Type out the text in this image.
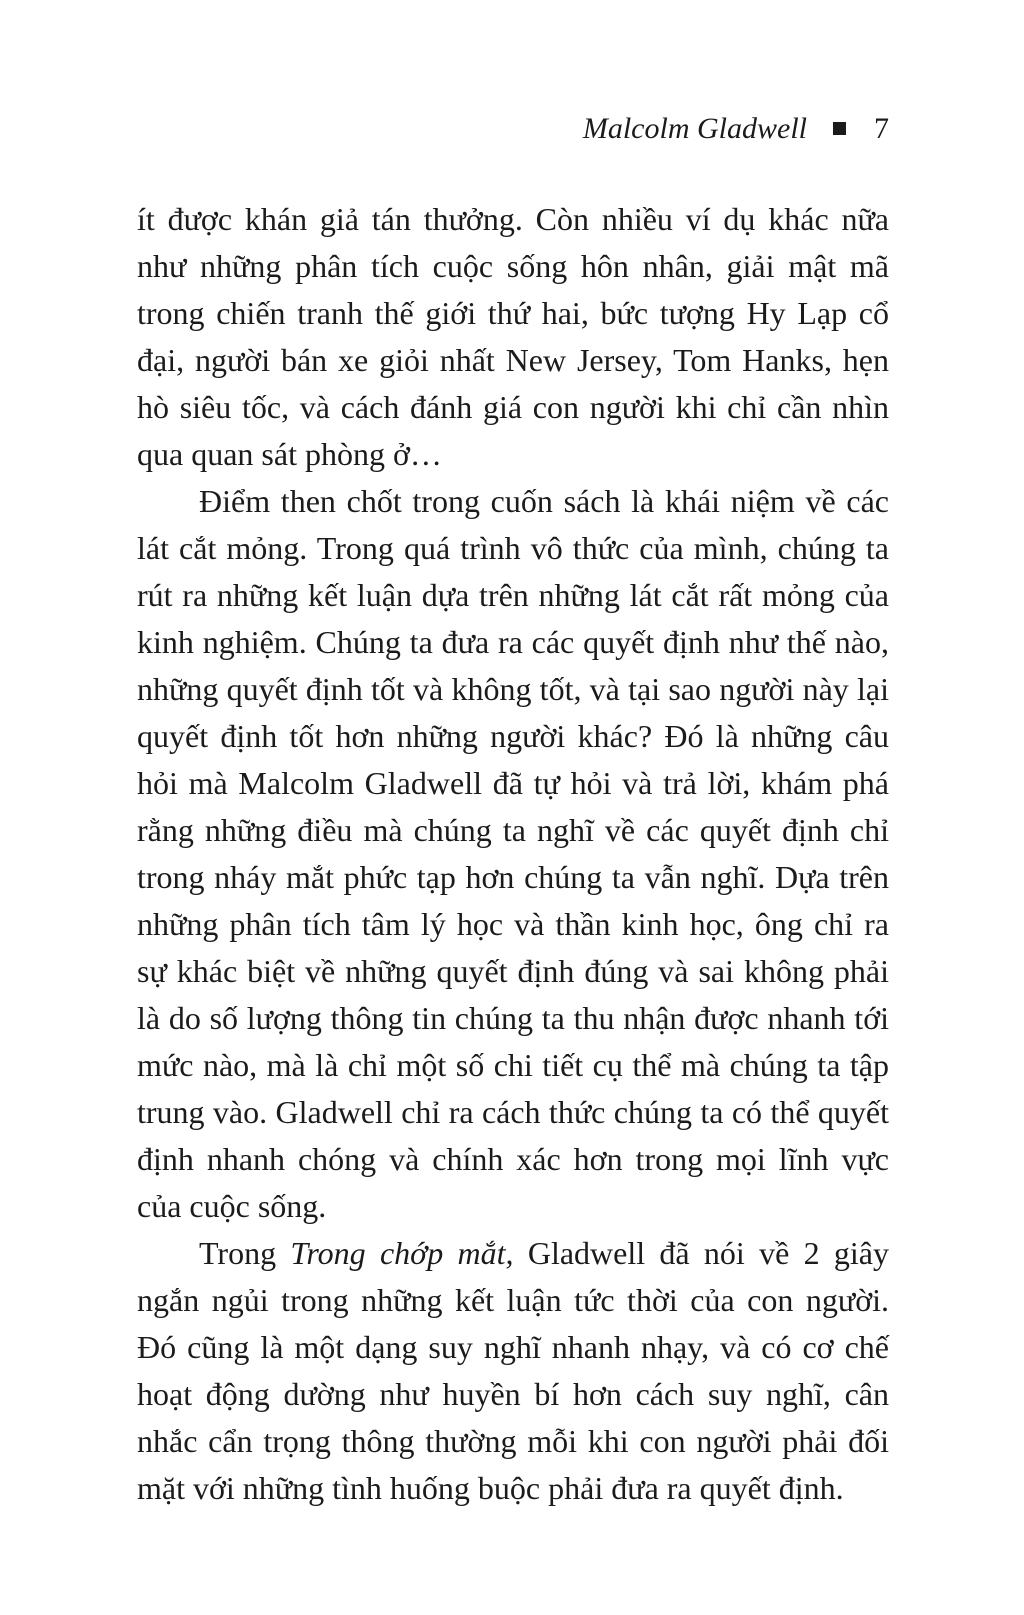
Malcolm Gladwell 7

ít được khán giả tán thưởng. Còn nhiều ví dụ khác nữa như những phân tích cuộc sống hôn nhân, giải mật mã trong chiến tranh thế giới thứ hai, bức tượng Hy Lạp cổ đại, người bán xe giỏi nhất New Jersey, Tom Hanks, hẹn hò siêu tốc, và cách đánh giá con người khi chỉ cần nhìn qua quan sát phòng ở…

Điểm then chốt trong cuốn sách là khái niệm về các lát cắt mỏng. Trong quá trình vô thức của mình, chúng ta rút ra những kết luận dựa trên những lát cắt rất mỏng của kinh nghiệm. Chúng ta đưa ra các quyết định như thế nào, những quyết định tốt và không tốt, và tại sao người này lại quyết định tốt hơn những người khác? Đó là những câu hỏi mà Malcolm Gladwell đã tự hỏi và trả lời, khám phá rằng những điều mà chúng ta nghĩ về các quyết định chỉ trong nháy mắt phức tạp hơn chúng ta vẫn nghĩ. Dựa trên những phân tích tâm lý học và thần kinh học, ông chỉ ra sự khác biệt về những quyết định đúng và sai không phải là do số lượng thông tin chúng ta thu nhận được nhanh tới mức nào, mà là chỉ một số chi tiết cụ thể mà chúng ta tập trung vào. Gladwell chỉ ra cách thức chúng ta có thể quyết định nhanh chóng và chính xác hơn trong mọi lĩnh vực của cuộc sống.

Trong Trong chớp mắt, Gladwell đã nói về 2 giây ngắn ngủi trong những kết luận tức thời của con người. Đó cũng là một dạng suy nghĩ nhanh nhạy, và có cơ chế hoạt động dường như huyền bí hơn cách suy nghĩ, cân nhắc cẩn trọng thông thường mỗi khi con người phải đối mặt với những tình huống buộc phải đưa ra quyết định.
